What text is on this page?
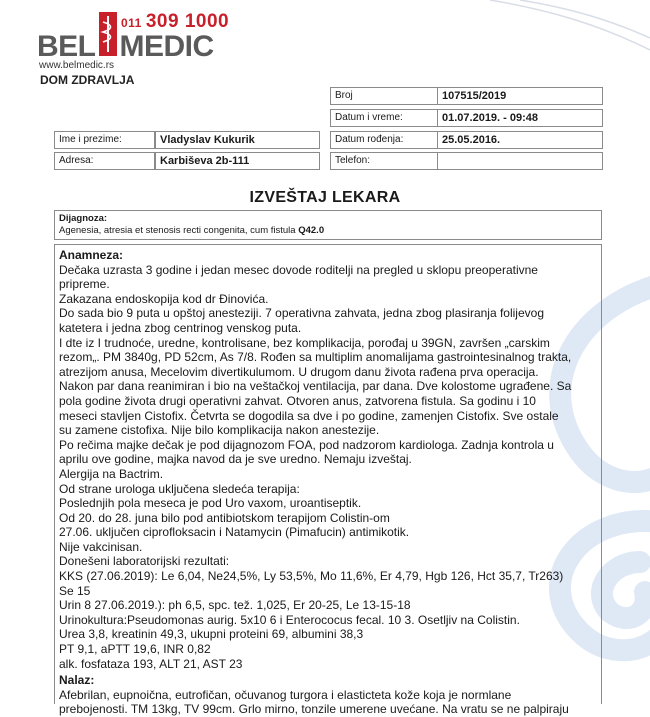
011 309 1000
BEL MEDIC
www.belmedic.rs
DOM ZDRAVLJA
Broj	107515/2019
Datum i vreme:	01.07.2019. - 09:48
Ime i prezime:	Vladyslav Kukurik	Datum rođenja:	25.05.2016.
Adresa:	Karbiševa 2b-111	Telefon:
IZVEŠTAJ LEKARA
Dijagnoza:
Agenesia, atresia et stenosis recti congenita, cum fistula Q42.0
Anamneza:
Dečaka uzrasta 3 godine i jedan mesec dovode roditelji na pregled u sklopu preoperativne
pripreme.
Zakazana endoskopija kod dr Đinovića.
Do sada bio 9 puta u opštoj anesteziji. 7 operativna zahvata, jedna zbog plasiranja folijevog
katetera i jedna zbog centrinog venskog puta.
I dte iz I trudnoće, uredne, kontrolisane, bez komplikacija, porođaj u 39GN, završen „carskim
rezom„. PM 3840g, PD 52cm, As 7/8. Rođen sa multiplim anomalijama gastrointesinalnog trakta,
atrezijom anusa, Mecelovim divertikulumom. U drugom danu života rađena prva operacija.
Nakon par dana reanimiran i bio na veštačkoj ventilacija, par dana. Dve kolostome ugrađene. Sa
pola godine života drugi operativni zahvat. Otvoren anus, zatvorena fistula. Sa godinu i 10
meseci stavljen Cistofix. Četvrta se dogodila sa dve i po godine, zamenjen Cistofix. Sve ostale
su zamene cistofixa. Nije bilo komplikacija nakon anestezije.
Po rečima majke dečak je pod dijagnozom FOA, pod nadzorom kardiologa. Zadnja kontrola u
aprilu ove godine, majka navod da je sve uredno. Nemaju izveštaj.
Alergija na Bactrim.
Od strane urologa uključena sledeća terapija:
Poslednjih pola meseca je pod Uro vaxom, uroantiseptik.
Od 20. do 28. juna bilo pod antibiotskom terapijom Colistin-om
27.06. uključen ciprofloksacin i Natamycin (Pimafucin) antimikotik.
Nije vakcinisan.
Donešeni laboratorijski rezultati:
KKS (27.06.2019): Le 6,04, Ne24,5%, Ly 53,5%, Mo 11,6%, Er 4,79, Hgb 126, Hct 35,7, Tr263)
Se 15
Urin 8 27.06.2019.): ph 6,5, spc. tež. 1,025, Er 20-25, Le 13-15-18
Urinokultura:Pseudomonas aurig. 5x10 6 i Enterococus fecal. 10 3. Osetljiv na Colistin.
Urea 3,8, kreatinin 49,3, ukupni proteini 69, albumini 38,3
PT 9,1, aPTT 19,6, INR 0,82
alk. fosfataza 193, ALT 21, AST 23
Nalaz:
Afebrilan, eupnoična, eutrofičan, očuvanog turgora i elasticteta kože koja je normlane
prebojenosti. TM 13kg, TV 99cm. Grlo mirno, tonzile umerene uvećane. Na vratu se ne palpiraju
